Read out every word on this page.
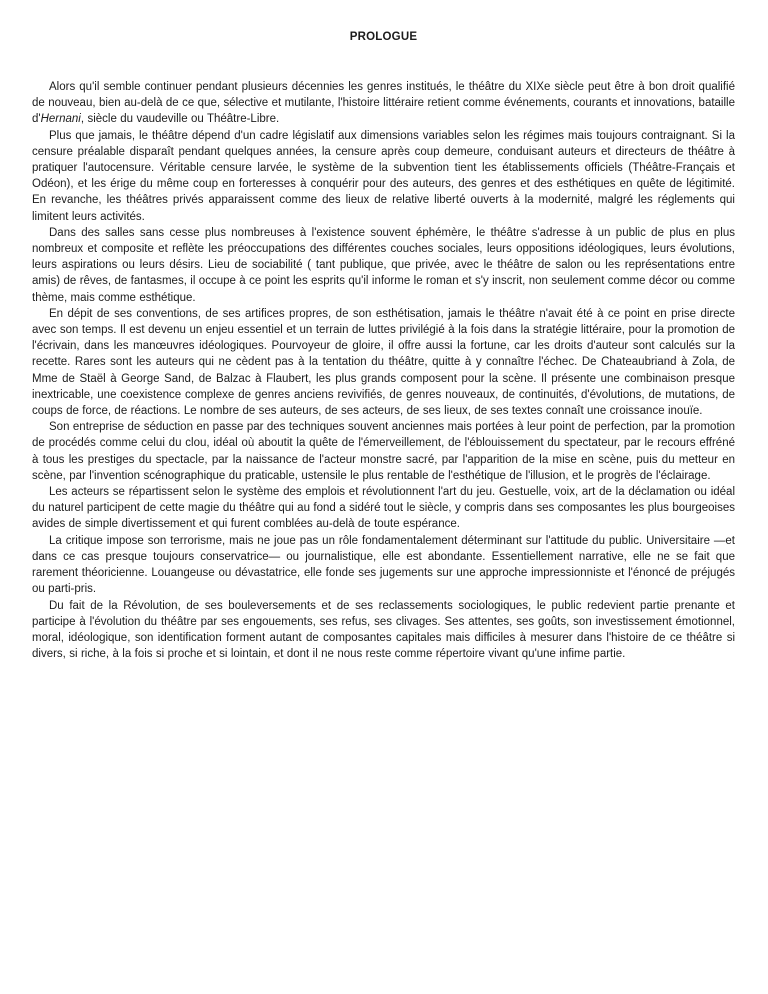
PROLOGUE

Alors qu'il semble continuer pendant plusieurs décennies les genres institués, le théâtre du XIXe siècle peut être à bon droit qualifié de nouveau, bien au-delà de ce que, sélective et mutilante, l'histoire littéraire retient comme événements, courants et innovations, bataille d'Hernani, siècle du vaudeville ou Théâtre-Libre.

Plus que jamais, le théâtre dépend d'un cadre législatif aux dimensions variables selon les régimes mais toujours contraignant. Si la censure préalable disparaît pendant quelques années, la censure après coup demeure, conduisant auteurs et directeurs de théâtre à pratiquer l'autocensure. Véritable censure larvée, le système de la subvention tient les établissements officiels (Théâtre-Français et Odéon), et les érige du même coup en forteresses à conquérir pour des auteurs, des genres et des esthétiques en quête de légitimité. En revanche, les théâtres privés apparaissent comme des lieux de relative liberté ouverts à la modernité, malgré les réglements qui limitent leurs activités.

Dans des salles sans cesse plus nombreuses à l'existence souvent éphémère, le théâtre s'adresse à un public de plus en plus nombreux et composite et reflète les préoccupations des différentes couches sociales, leurs oppositions idéologiques, leurs évolutions, leurs aspirations ou leurs désirs. Lieu de sociabilité ( tant publique, que privée, avec le théâtre de salon ou les représentations entre amis) de rêves, de fantasmes, il occupe à ce point les esprits qu'il informe le roman et s'y inscrit, non seulement comme décor ou comme thème, mais comme esthétique.

En dépit de ses conventions, de ses artifices propres, de son esthétisation, jamais le théâtre n'avait été à ce point en prise directe avec son temps. Il est devenu un enjeu essentiel et un terrain de luttes privilégié à la fois dans la stratégie littéraire, pour la promotion de l'écrivain, dans les manœuvres idéologiques. Pourvoyeur de gloire, il offre aussi la fortune, car les droits d'auteur sont calculés sur la recette. Rares sont les auteurs qui ne cèdent pas à la tentation du théâtre, quitte à y connaître l'échec. De Chateaubriand à Zola, de Mme de Staël à George Sand, de Balzac à Flaubert, les plus grands composent pour la scène. Il présente une combinaison presque inextricable, une coexistence complexe de genres anciens revivifiés, de genres nouveaux, de continuités, d'évolutions, de mutations, de coups de force, de réactions. Le nombre de ses auteurs, de ses acteurs, de ses lieux, de ses textes connaît une croissance inouïe.

Son entreprise de séduction en passe par des techniques souvent anciennes mais portées à leur point de perfection, par la promotion de procédés comme celui du clou, idéal où aboutit la quête de l'émerveillement, de l'éblouissement du spectateur, par le recours effréné à tous les prestiges du spectacle, par la naissance de l'acteur monstre sacré, par l'apparition de la mise en scène, puis du metteur en scène, par l'invention scénographique du praticable, ustensile le plus rentable de l'esthétique de l'illusion, et le progrès de l'éclairage.

Les acteurs se répartissent selon le système des emplois et révolutionnent l'art du jeu. Gestuelle, voix, art de la déclamation ou idéal du naturel participent de cette magie du théâtre qui au fond a sidéré tout le siècle, y compris dans ses composantes les plus bourgeoises avides de simple divertissement et qui furent comblées au-delà de toute espérance.

La critique impose son terrorisme, mais ne joue pas un rôle fondamentalement déterminant sur l'attitude du public. Universitaire —et dans ce cas presque toujours conservatrice— ou journalistique, elle est abondante. Essentiellement narrative, elle ne se fait que rarement théoricienne. Louangeuse ou dévastatrice, elle fonde ses jugements sur une approche impressionniste et l'énoncé de préjugés ou parti-pris.

Du fait de la Révolution, de ses bouleversements et de ses reclassements sociologiques, le public redevient partie prenante et participe à l'évolution du théâtre par ses engouements, ses refus, ses clivages. Ses attentes, ses goûts, son investissement émotionnel, moral, idéologique, son identification forment autant de composantes capitales mais difficiles à mesurer dans l'histoire de ce théâtre si divers, si riche, à la fois si proche et si lointain, et dont il ne nous reste comme répertoire vivant qu'une infime partie.
